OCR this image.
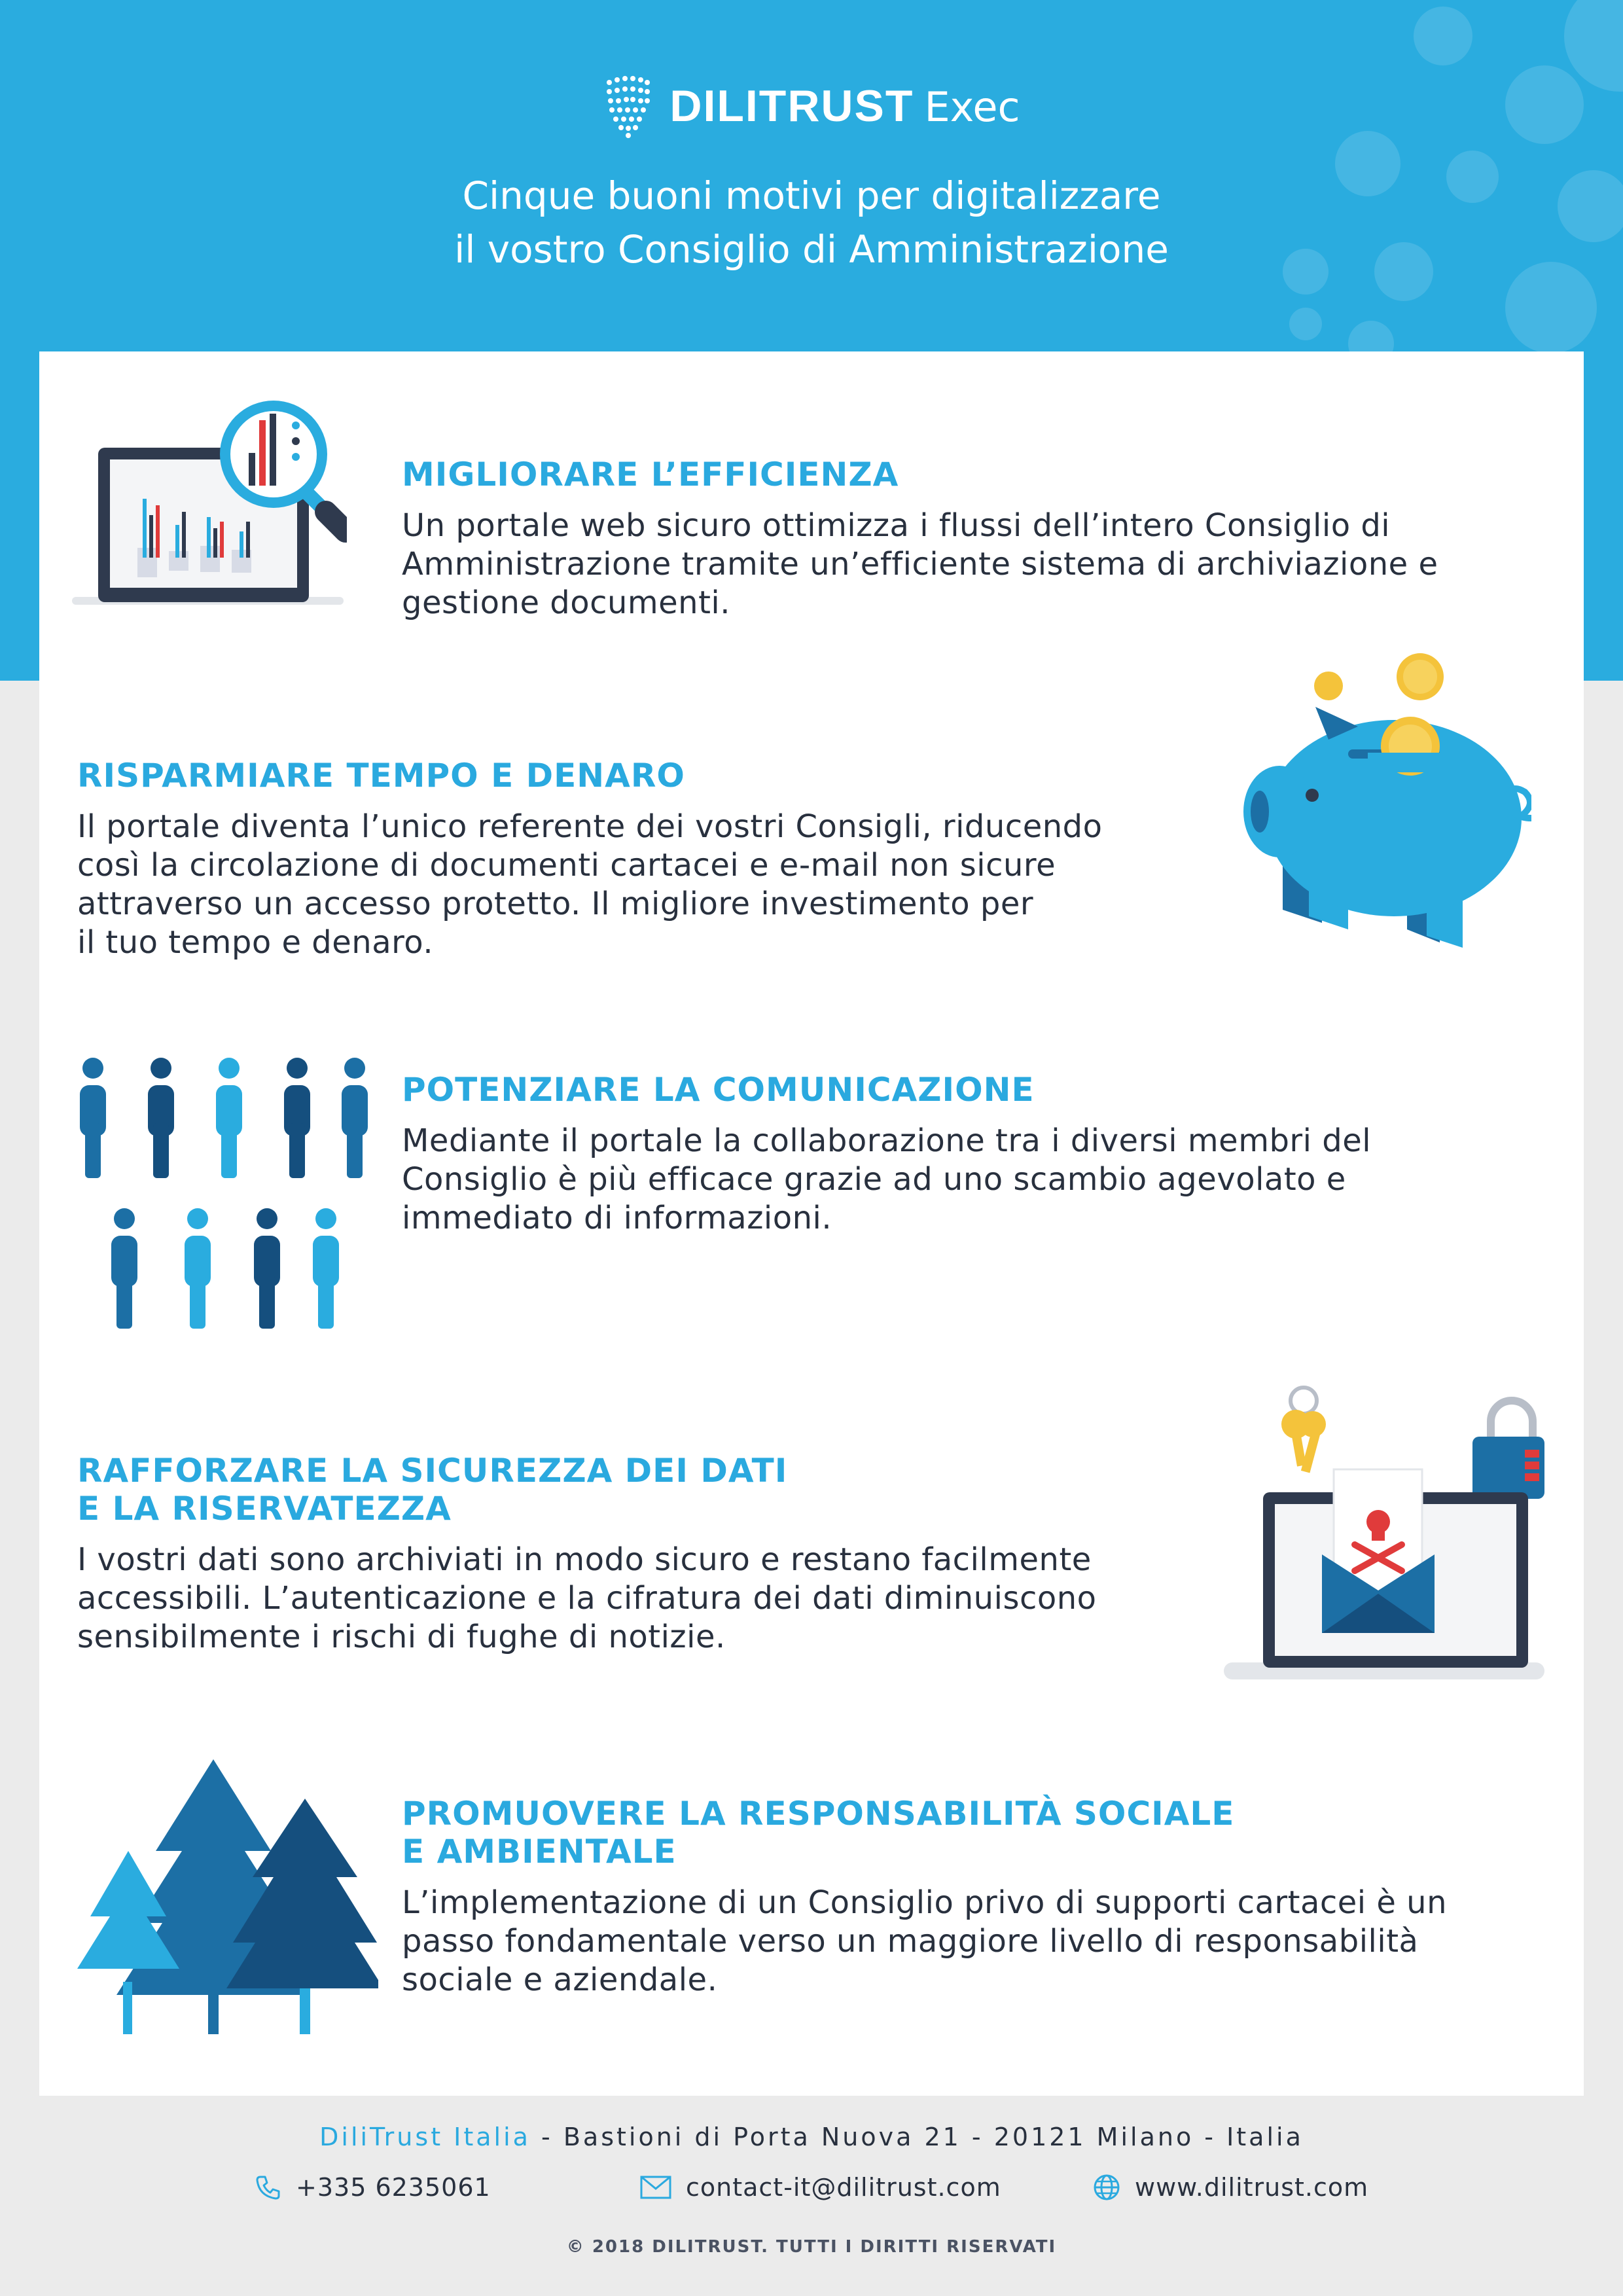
DILITRUST Exec
Cinque buoni motivi per digitalizzare
il vostro Consiglio di Amministrazione
MIGLIORARE L’EFFICIENZA
Un portale web sicuro ottimizza i flussi dell’intero Consiglio di
Amministrazione tramite un’efficiente sistema di archiviazione e
gestione documenti.
RISPARMIARE TEMPO E DENARO
Il portale diventa l’unico referente dei vostri Consigli, riducendo
così la circolazione di documenti cartacei e e-mail non sicure
attraverso un accesso protetto. Il migliore investimento per
il tuo tempo e denaro.
POTENZIARE LA COMUNICAZIONE
Mediante il portale la collaborazione tra i diversi membri del
Consiglio è più efficace grazie ad uno scambio agevolato e
immediato di informazioni.
RAFFORZARE LA SICUREZZA DEI DATI
E LA RISERVATEZZA
I vostri dati sono archiviati in modo sicuro e restano facilmente
accessibili. L’autenticazione e la cifratura dei dati diminuiscono
sensibilmente i rischi di fughe di notizie.
PROMUOVERE LA RESPONSABILITÀ SOCIALE
E AMBIENTALE
L’implementazione di un Consiglio privo di supporti cartacei è un
passo fondamentale verso un maggiore livello di responsabilità
sociale e aziendale.
DiliTrust Italia - Bastioni di Porta Nuova 21 - 20121 Milano - Italia
+335 6235061	contact-it@dilitrust.com	www.dilitrust.com
© 2018 DILITRUST. TUTTI I DIRITTI RISERVATI
